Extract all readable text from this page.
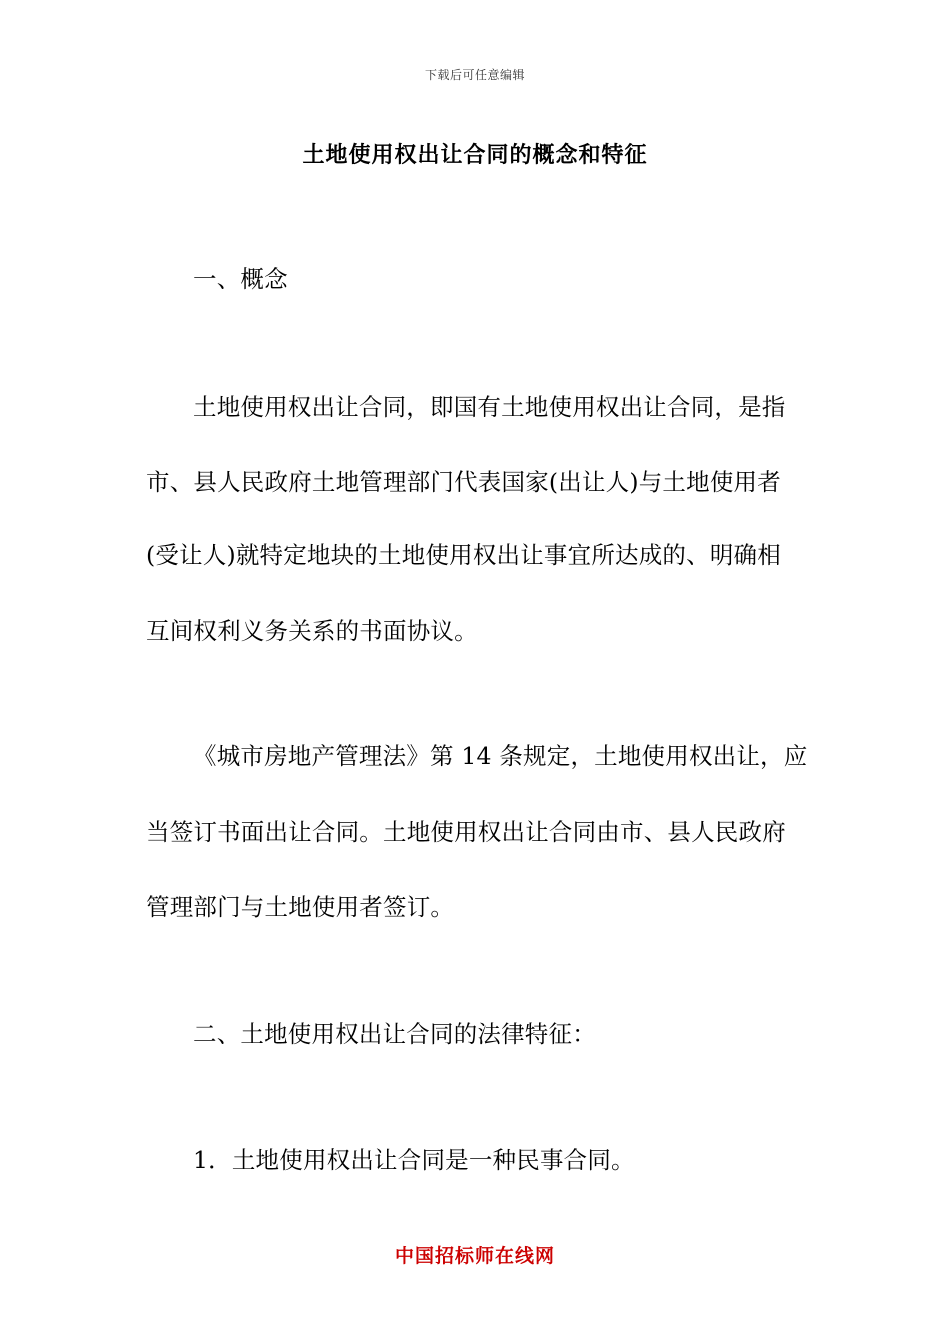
下载后可任意编辑
土地使用权出让合同的概念和特征
一、概念
土地使用权出让合同，即国有土地使用权出让合同，是指
市、县人民政府土地管理部门代表国家(出让人)与土地使用者
(受让人)就特定地块的土地使用权出让事宜所达成的、明确相
互间权利义务关系的书面协议。
《城市房地产管理法》第 14 条规定，土地使用权出让，应
当签订书面出让合同。土地使用权出让合同由市、县人民政府
管理部门与土地使用者签订。
二、土地使用权出让合同的法律特征：
1．土地使用权出让合同是一种民事合同。
中国招标师在线网
